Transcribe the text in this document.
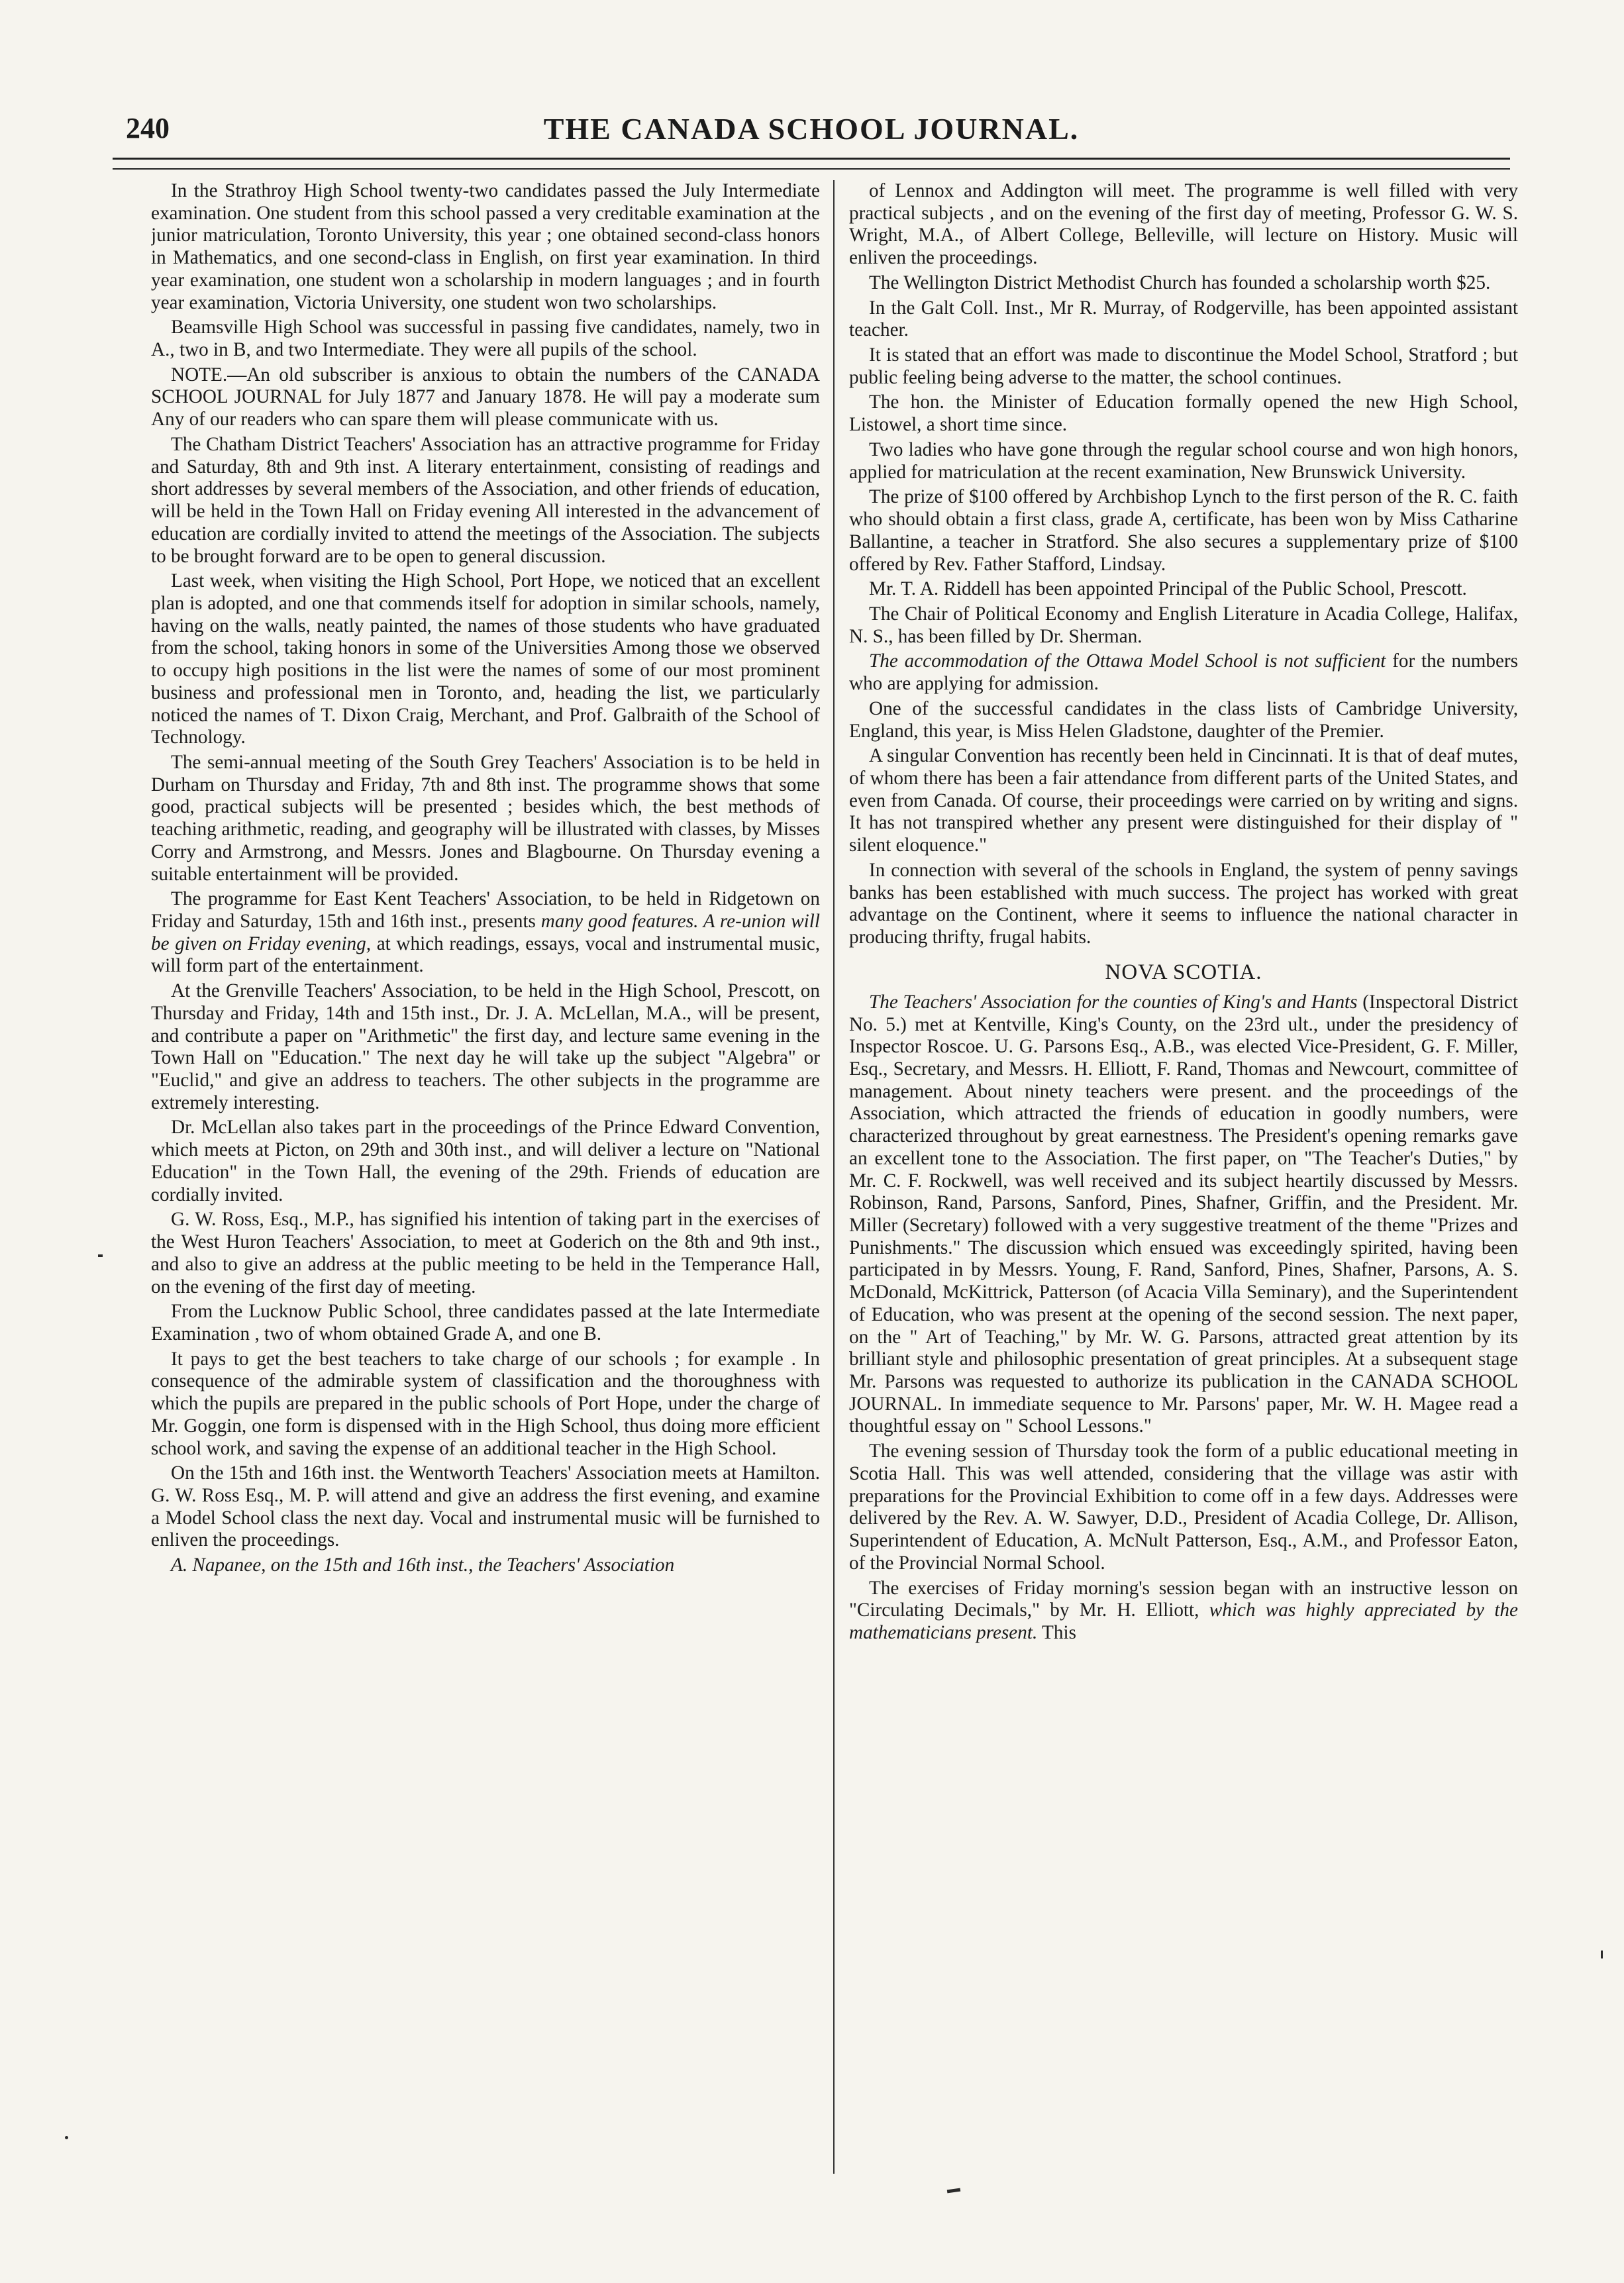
240	THE CANADA SCHOOL JOURNAL.

In the Strathroy High School twenty-two candidates passed the July Intermediate examination. One student from this school passed a very creditable examination at the junior matriculation, Toronto University, this year ; one obtained second-class honors in Mathematics, and one second-class in English, on first year examination. In third year examination, one student won a scholarship in modern languages ; and in fourth year examination, Victoria University, one student won two scholarships.

Beamsville High School was successful in passing five candidates, namely, two in A., two in B, and two Intermediate. They were all pupils of the school.

NOTE.—An old subscriber is anxious to obtain the numbers of the CANADA SCHOOL JOURNAL for July 1877 and January 1878. He will pay a moderate sum Any of our readers who can spare them will please communicate with us.

The Chatham District Teachers' Association has an attractive programme for Friday and Saturday, 8th and 9th inst. A literary entertainment, consisting of readings and short addresses by several members of the Association, and other friends of education, will be held in the Town Hall on Friday evening All interested in the advancement of education are cordially invited to attend the meetings of the Association. The subjects to be brought forward are to be open to general discussion.

Last week, when visiting the High School, Port Hope, we noticed that an excellent plan is adopted, and one that commends itself for adoption in similar schools, namely, having on the walls, neatly painted, the names of those students who have graduated from the school, taking honors in some of the Universities Among those we observed to occupy high positions in the list were the names of some of our most prominent business and professional men in Toronto, and, heading the list, we particularly noticed the names of T. Dixon Craig, Merchant, and Prof. Galbraith of the School of Technology.

The semi-annual meeting of the South Grey Teachers' Association is to be held in Durham on Thursday and Friday, 7th and 8th inst. The programme shows that some good, practical subjects will be presented ; besides which, the best methods of teaching arithmetic, reading, and geography will be illustrated with classes, by Misses Corry and Armstrong, and Messrs. Jones and Blagbourne. On Thursday evening a suitable entertainment will be provided.

The programme for East Kent Teachers' Association, to be held in Ridgetown on Friday and Saturday, 15th and 16th inst., presents many good features. A re-union will be given on Friday evening, at which readings, essays, vocal and instrumental music, will form part of the entertainment.

At the Grenville Teachers' Association, to be held in the High School, Prescott, on Thursday and Friday, 14th and 15th inst., Dr. J. A. McLellan, M.A., will be present, and contribute a paper on "Arithmetic" the first day, and lecture same evening in the Town Hall on "Education." The next day he will take up the subject "Algebra" or "Euclid," and give an address to teachers. The other subjects in the programme are extremely interesting.

Dr. McLellan also takes part in the proceedings of the Prince Edward Convention, which meets at Picton, on 29th and 30th inst., and will deliver a lecture on "National Education" in the Town Hall, the evening of the 29th. Friends of education are cordially invited.

G. W. Ross, Esq., M.P., has signified his intention of taking part in the exercises of the West Huron Teachers' Association, to meet at Goderich on the 8th and 9th inst., and also to give an address at the public meeting to be held in the Temperance Hall, on the evening of the first day of meeting.

From the Lucknow Public School, three candidates passed at the late Intermediate Examination , two of whom obtained Grade A, and one B.

It pays to get the best teachers to take charge of our schools ; for example . In consequence of the admirable system of classification and the thoroughness with which the pupils are prepared in the public schools of Port Hope, under the charge of Mr. Goggin, one form is dispensed with in the High School, thus doing more efficient school work, and saving the expense of an additional teacher in the High School.

On the 15th and 16th inst. the Wentworth Teachers' Association meets at Hamilton. G. W. Ross Esq., M. P. will attend and give an address the first evening, and examine a Model School class the next day. Vocal and instrumental music will be furnished to enliven the proceedings.

A. Napanee, on the 15th and 16th inst., the Teachers' Association

of Lennox and Addington will meet. The programme is well filled with very practical subjects , and on the evening of the first day of meeting, Professor G. W. S. Wright, M.A., of Albert College, Belleville, will lecture on History. Music will enliven the proceedings.

The Wellington District Methodist Church has founded a scholarship worth $25.

In the Galt Coll. Inst., Mr R. Murray, of Rodgerville, has been appointed assistant teacher.

It is stated that an effort was made to discontinue the Model School, Stratford ; but public feeling being adverse to the matter, the school continues.

The hon. the Minister of Education formally opened the new High School, Listowel, a short time since.

Two ladies who have gone through the regular school course and won high honors, applied for matriculation at the recent examination, New Brunswick University.

The prize of $100 offered by Archbishop Lynch to the first person of the R. C. faith who should obtain a first class, grade A, certificate, has been won by Miss Catharine Ballantine, a teacher in Stratford. She also secures a supplementary prize of $100 offered by Rev. Father Stafford, Lindsay.

Mr. T. A. Riddell has been appointed Principal of the Public School, Prescott.

The Chair of Political Economy and English Literature in Acadia College, Halifax, N. S., has been filled by Dr. Sherman.

The accommodation of the Ottawa Model School is not sufficient for the numbers who are applying for admission.

One of the successful candidates in the class lists of Cambridge University, England, this year, is Miss Helen Gladstone, daughter of the Premier.

A singular Convention has recently been held in Cincinnati. It is that of deaf mutes, of whom there has been a fair attendance from different parts of the United States, and even from Canada. Of course, their proceedings were carried on by writing and signs. It has not transpired whether any present were distinguished for their display of " silent eloquence."

In connection with several of the schools in England, the system of penny savings banks has been established with much success. The project has worked with great advantage on the Continent, where it seems to influence the national character in producing thrifty, frugal habits.

NOVA SCOTIA.

The Teachers' Association for the counties of King's and Hants (Inspectoral District No. 5.) met at Kentville, King's County, on the 23rd ult., under the presidency of Inspector Roscoe. U. G. Parsons Esq., A.B., was elected Vice-President, G. F. Miller, Esq., Secretary, and Messrs. H. Elliott, F. Rand, Thomas and Newcourt, committee of management. About ninety teachers were present. and the proceedings of the Association, which attracted the friends of education in goodly numbers, were characterized throughout by great earnestness. The President's opening remarks gave an excellent tone to the Association. The first paper, on "The Teacher's Duties," by Mr. C. F. Rockwell, was well received and its subject heartily discussed by Messrs. Robinson, Rand, Parsons, Sanford, Pines, Shafner, Griffin, and the President. Mr. Miller (Secretary) followed with a very suggestive treatment of the theme "Prizes and Punishments." The discussion which ensued was exceedingly spirited, having been participated in by Messrs. Young, F. Rand, Sanford, Pines, Shafner, Parsons, A. S. McDonald, McKittrick, Patterson (of Acacia Villa Seminary), and the Superintendent of Education, who was present at the opening of the second session. The next paper, on the " Art of Teaching," by Mr. W. G. Parsons, attracted great attention by its brilliant style and philosophic presentation of great principles. At a subsequent stage Mr. Parsons was requested to authorize its publication in the CANADA SCHOOL JOURNAL. In immediate sequence to Mr. Parsons' paper, Mr. W. H. Magee read a thoughtful essay on " School Lessons."

The evening session of Thursday took the form of a public educational meeting in Scotia Hall. This was well attended, considering that the village was astir with preparations for the Provincial Exhibition to come off in a few days. Addresses were delivered by the Rev. A. W. Sawyer, D.D., President of Acadia College, Dr. Allison, Superintendent of Education, A. McNult Patterson, Esq., A.M., and Professor Eaton, of the Provincial Normal School.

The exercises of Friday morning's session began with an instructive lesson on "Circulating Decimals," by Mr. H. Elliott, which was highly appreciated by the mathematicians present. This
